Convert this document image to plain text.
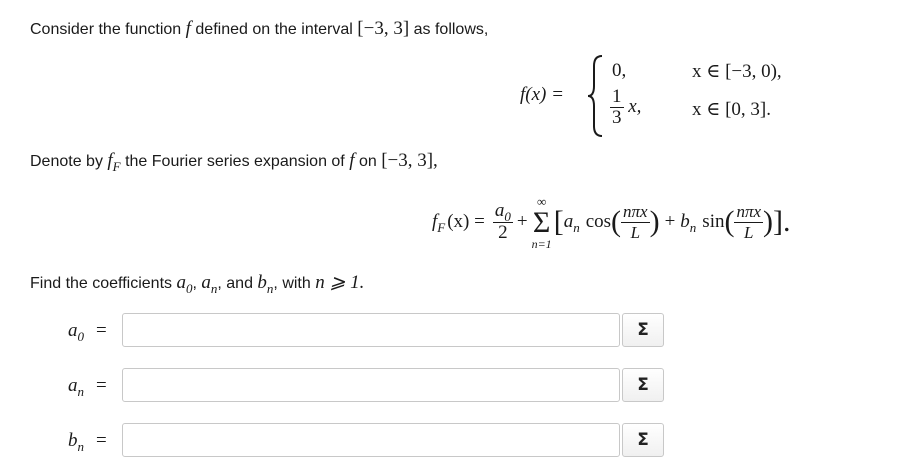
Consider the function f defined on the interval [−3, 3] as follows,
f(x) =
0,	x ∈ [−3, 0),
$\frac{1}{3} x$,	x ∈ [0, 3].
Denote by $f_F$ the Fourier series expansion of f on [−3, 3],
$f_F$ $(x) = \frac{a_0}{2}$ +
∞
Σ
n=1
[ $a_n$ cos ( $\frac{\text{nπx}}{L}$ ) + $b_n$ sin ( $\frac{\text{nπx}}{L}$ ) ].
Find the coefficients $a_0$, $a_n$, and $b_n$, with n ⩾ 1.
$a_0$ =	Σ
$a_n$ =	Σ
$b_n$ =	Σ
